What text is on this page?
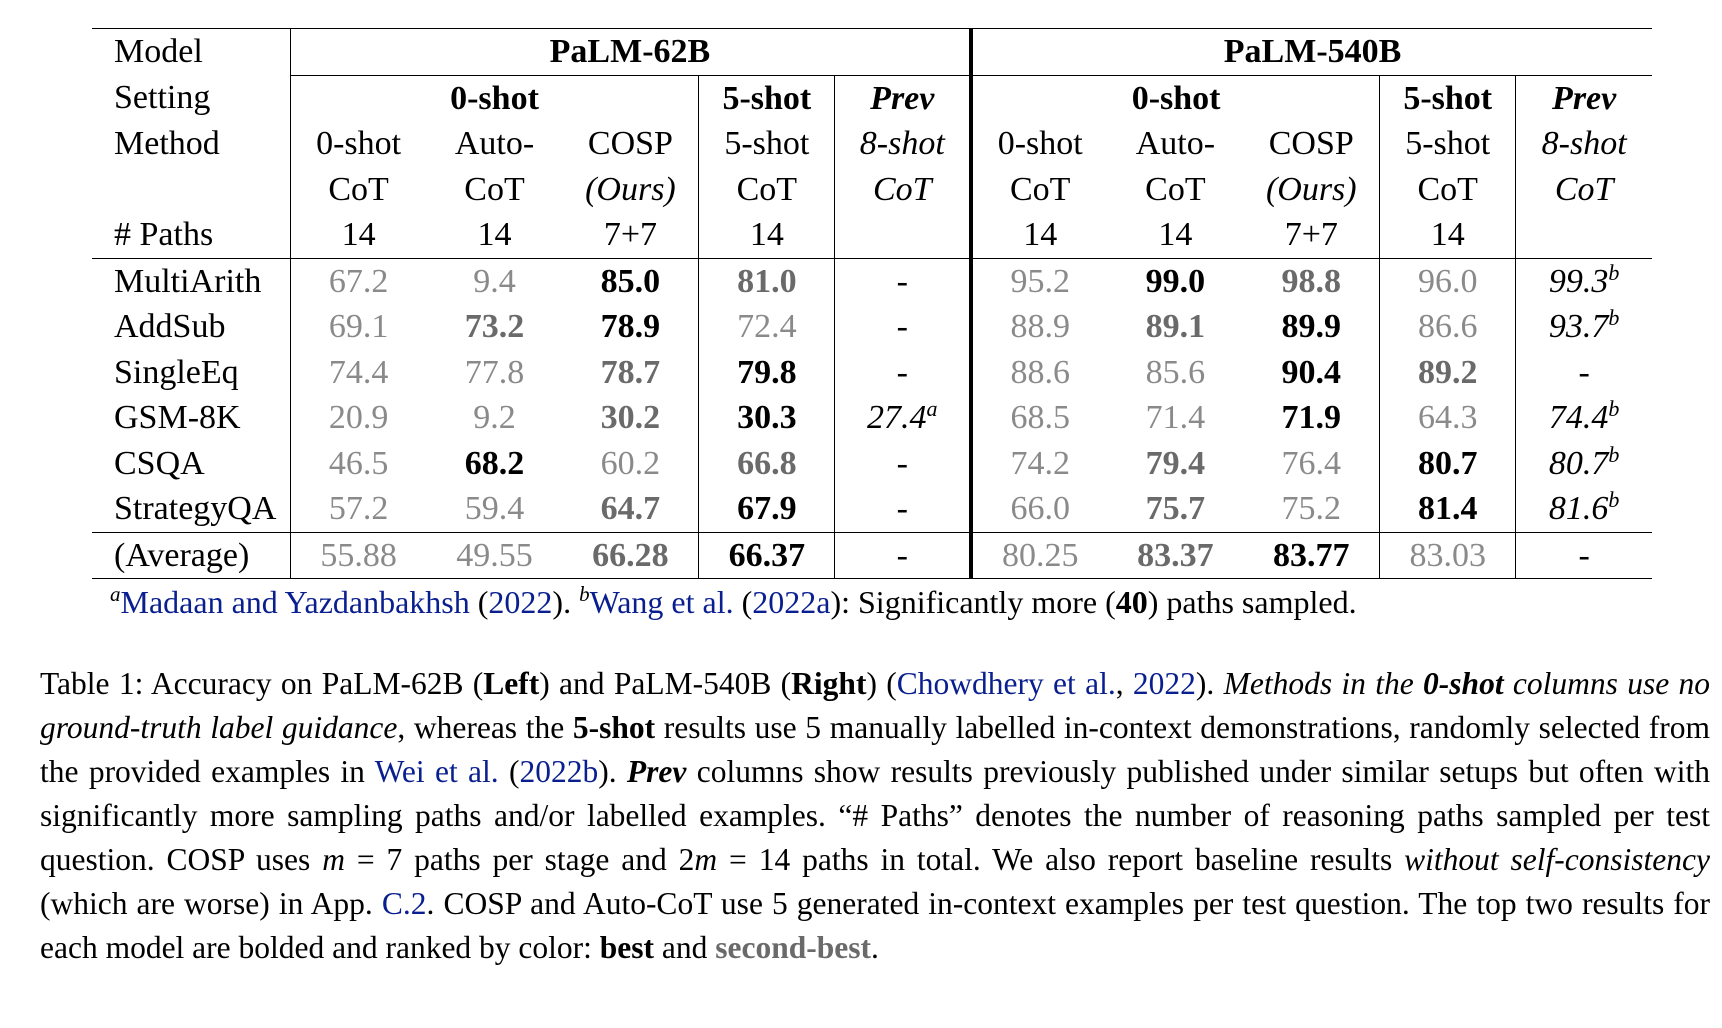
Model	PaLM-62B					PaLM-540B				
Setting	0-shot			5-shot	Prev	0-shot			5-shot	Prev
Method	0-shot	Auto-	COSP	5-shot	8-shot	0-shot	Auto-	COSP	5-shot	8-shot
	CoT	CoT	(Ours)	CoT	CoT	CoT	CoT	(Ours)	CoT	CoT
# Paths	14	14	7+7	14		14	14	7+7	14	
MultiArith	67.2	9.4	85.0	81.0	-	95.2	99.0	98.8	96.0	99.3$^b$
AddSub	69.1	73.2	78.9	72.4	-	88.9	89.1	89.9	86.6	93.7$^b$
SingleEq	74.4	77.8	78.7	79.8	-	88.6	85.6	90.4	89.2	-
GSM-8K	20.9	9.2	30.2	30.3	27.4$^a$	68.5	71.4	71.9	64.3	74.4$^b$
CSQA	46.5	68.2	60.2	66.8	-	74.2	79.4	76.4	80.7	80.7$^b$
StrategyQA	57.2	59.4	64.7	67.9	-	66.0	75.7	75.2	81.4	81.6$^b$
(Average)	55.88	49.55	66.28	66.37	-	80.25	83.37	83.77	83.03	-
$^a$Madaan and Yazdanbakhsh (2022). $^b$Wang et al. (2022a): Significantly more (40) paths sampled.
Table 1: Accuracy on PaLM-62B (Left) and PaLM-540B (Right) (Chowdhery et al., 2022). Methods in the 0-shot columns use no ground-truth label guidance, whereas the 5-shot results use 5 manually labelled in-context demonstrations, randomly selected from the provided examples in Wei et al. (2022b). Prev columns show results previously published under similar setups but often with significantly more sampling paths and/or labelled examples. “# Paths” denotes the number of reasoning paths sampled per test question. COSP uses m = 7 paths per stage and 2m = 14 paths in total. We also report baseline results without self-consistency (which are worse) in App. C.2. COSP and Auto-CoT use 5 generated in-context examples per test question. The top two results for each model are bolded and ranked by color: best and second-best.
